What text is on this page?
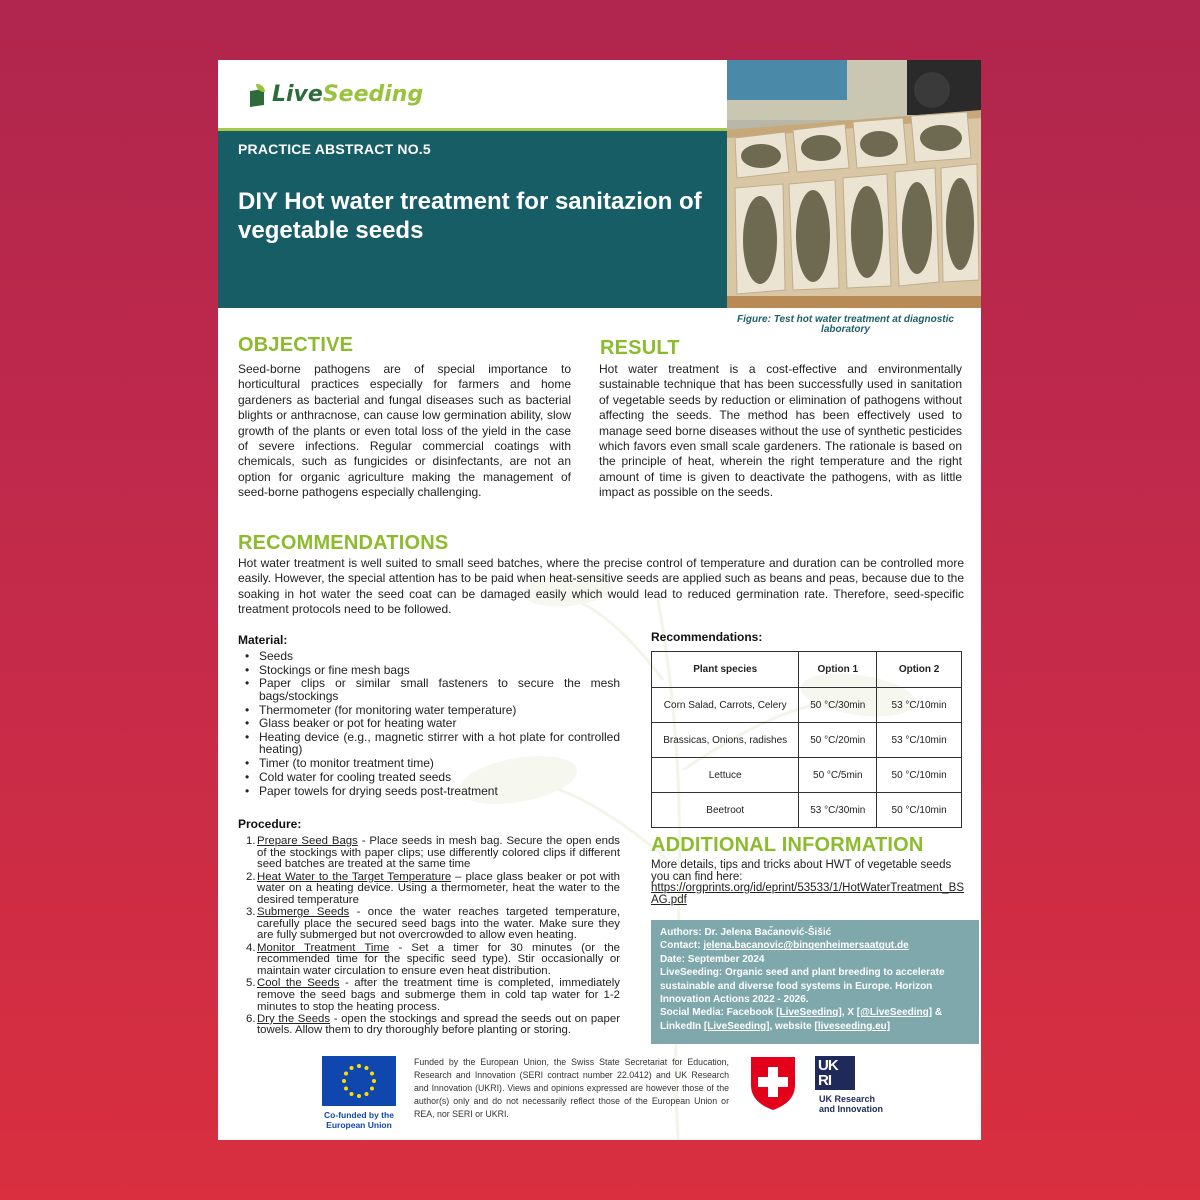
LiveSeeding
PRACTICE ABSTRACT NO.5
DIY Hot water treatment for sanitazion of vegetable seeds
Figure: Test hot water treatment at diagnostic laboratory
OBJECTIVE
Seed-borne pathogens are of special importance to horticultural practices especially for farmers and home gardeners as bacterial and fungal diseases such as bacterial blights or anthracnose, can cause low germination ability, slow growth of the plants or even total loss of the yield in the case of severe infections. Regular commercial coatings with chemicals, such as fungicides or disinfectants, are not an option for organic agriculture making the management of seed-borne pathogens especially challenging.
RESULT
Hot water treatment is a cost-effective and environmentally sustainable technique that has been successfully used in sanitation of vegetable seeds by reduction or elimination of pathogens without affecting the seeds. The method has been effectively used to manage seed borne diseases without the use of synthetic pesticides which favors even small scale gardeners. The rationale is based on the principle of heat, wherein the right temperature and the right amount of time is given to deactivate the pathogens, with as little impact as possible on the seeds.
RECOMMENDATIONS
Hot water treatment is well suited to small seed batches, where the precise control of temperature and duration can be controlled more easily. However, the special attention has to be paid when heat-sensitive seeds are applied such as beans and peas, because due to the soaking in hot water the seed coat can be damaged easily which would lead to reduced germination rate. Therefore, seed-specific treatment protocols need to be followed.
Material:
• Seeds
• Stockings or fine mesh bags
• Paper clips or similar small fasteners to secure the mesh bags/stockings
• Thermometer (for monitoring water temperature)
• Glass beaker or pot for heating water
• Heating device (e.g., magnetic stirrer with a hot plate for controlled heating)
• Timer (to monitor treatment time)
• Cold water for cooling treated seeds
• Paper towels for drying seeds post-treatment
Procedure:
1. Prepare Seed Bags - Place seeds in mesh bag. Secure the open ends of the stockings with paper clips; use differently colored clips if different seed batches are treated at the same time
2. Heat Water to the Target Temperature – place glass beaker or pot with water on a heating device. Using a thermometer, heat the water to the desired temperature
3. Submerge Seeds - once the water reaches targeted temperature, carefully place the secured seed bags into the water. Make sure they are fully submerged but not overcrowded to allow even heating.
4. Monitor Treatment Time - Set a timer for 30 minutes (or the recommended time for the specific seed type). Stir occasionally or maintain water circulation to ensure even heat distribution.
5. Cool the Seeds - after the treatment time is completed, immediately remove the seed bags and submerge them in cold tap water for 1-2 minutes to stop the heating process.
6. Dry the Seeds - open the stockings and spread the seeds out on paper towels. Allow them to dry thoroughly before planting or storing.
Recommendations:
Plant species	Option 1	Option 2
Corn Salad, Carrots, Celery	50 °C/30min	53 °C/10min
Brassicas, Onions, radishes	50 °C/20min	53 °C/10min
Lettuce	50 °C/5min	50 °C/10min
Beetroot	53 °C/30min	50 °C/10min
ADDITIONAL INFORMATION
More details, tips and tricks about HWT of vegetable seeds you can find here:
https://orgprints.org/id/eprint/53533/1/HotWaterTreatment_BSAG.pdf
Authors: Dr. Jelena Bac̆anović-Šišić
Contact: jelena.bacanovic@bingenheimersaatgut.de
Date: September 2024
LiveSeeding: Organic seed and plant breeding to accelerate sustainable and diverse food systems in Europe. Horizon Innovation Actions 2022 - 2026.
Social Media: Facebook [LiveSeeding], X [@LiveSeeding] & LinkedIn [LiveSeeding], website [liveseeding.eu]
Co-funded by the European Union
Funded by the European Union, the Swiss State Secretariat for Education, Research and Innovation (SERI contract number 22.0412) and UK Research and Innovation (UKRI). Views and opinions expressed are however those of the author(s) only and do not necessarily reflect those of the European Union or REA, nor SERI or UKRI.
UK RI
UK Research and Innovation
